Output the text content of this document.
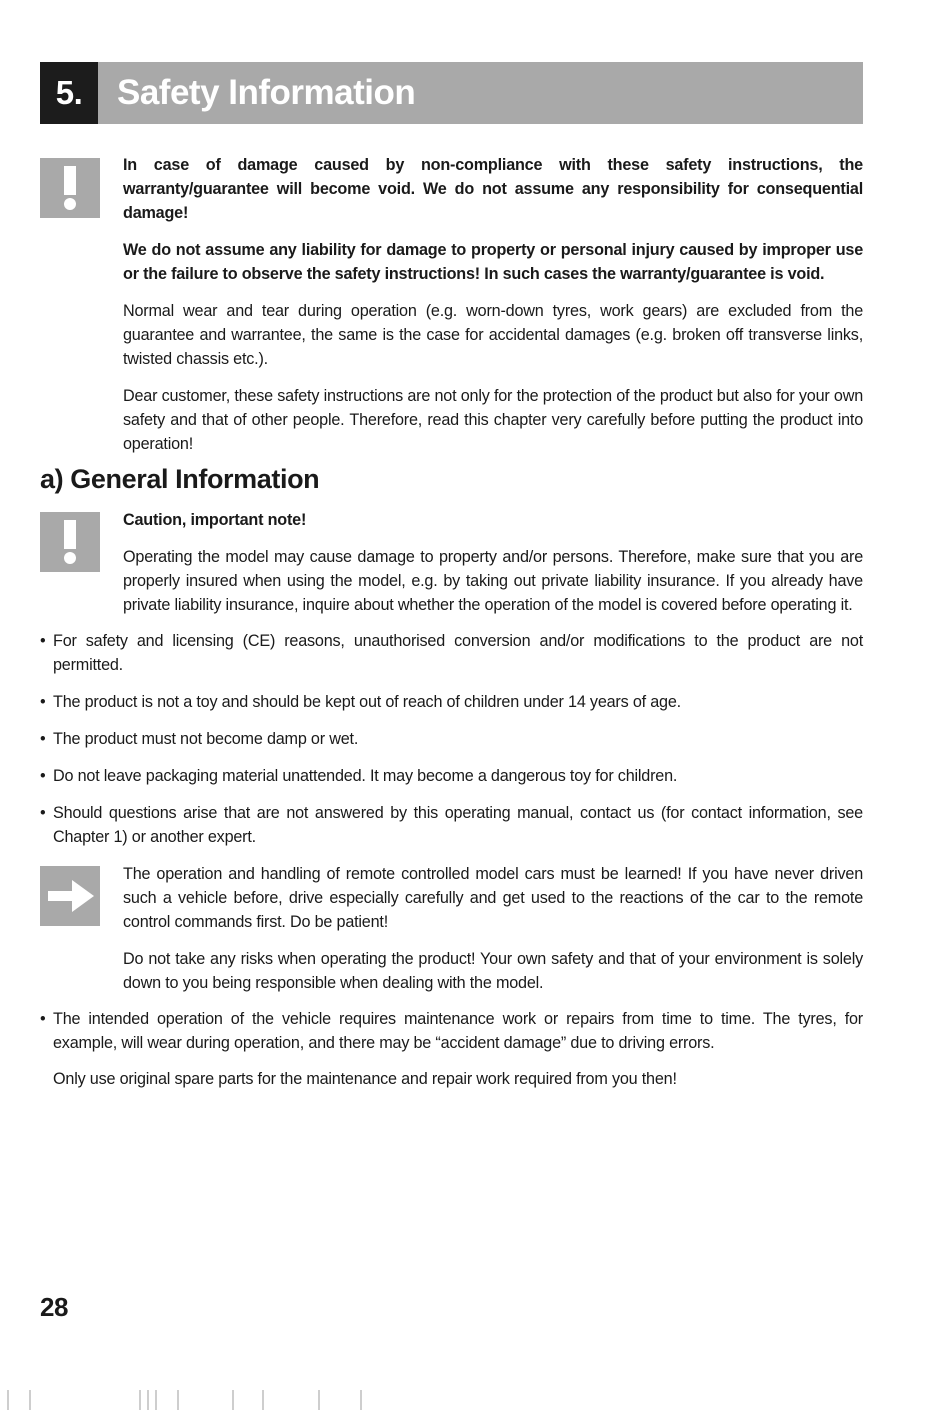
5. Safety Information

In case of damage caused by non-compliance with these safety instructions, the warranty/guarantee will become void. We do not assume any responsibility for consequential damage!

We do not assume any liability for damage to property or personal injury caused by improper use or the failure to observe the safety instructions! In such cases the warranty/guarantee is void.

Normal wear and tear during operation (e.g. worn-down tyres, work gears) are excluded from the guarantee and warrantee, the same is the case for accidental damages (e.g. broken off transverse links, twisted chassis etc.).

Dear customer, these safety instructions are not only for the protection of the product but also for your own safety and that of other people. Therefore, read this chapter very carefully before putting the product into operation!

a) General Information

Caution, important note!

Operating the model may cause damage to property and/or persons. Therefore, make sure that you are properly insured when using the model, e.g. by taking out private liability insurance. If you already have private liability insurance, inquire about whether the operation of the model is covered before operating it.

• For safety and licensing (CE) reasons, unauthorised conversion and/or modifications to the product are not permitted.
• The product is not a toy and should be kept out of reach of children under 14 years of age.
• The product must not become damp or wet.
• Do not leave packaging material unattended. It may become a dangerous toy for children.
• Should questions arise that are not answered by this operating manual, contact us (for contact information, see Chapter 1) or another expert.

The operation and handling of remote controlled model cars must be learned! If you have never driven such a vehicle before, drive especially carefully and get used to the reactions of the car to the remote control commands first. Do be patient!

Do not take any risks when operating the product! Your own safety and that of your environment is solely down to you being responsible when dealing with the model.

• The intended operation of the vehicle requires maintenance work or repairs from time to time. The tyres, for example, will wear during operation, and there may be “accident damage” due to driving errors.
Only use original spare parts for the maintenance and repair work required from you then!
28
